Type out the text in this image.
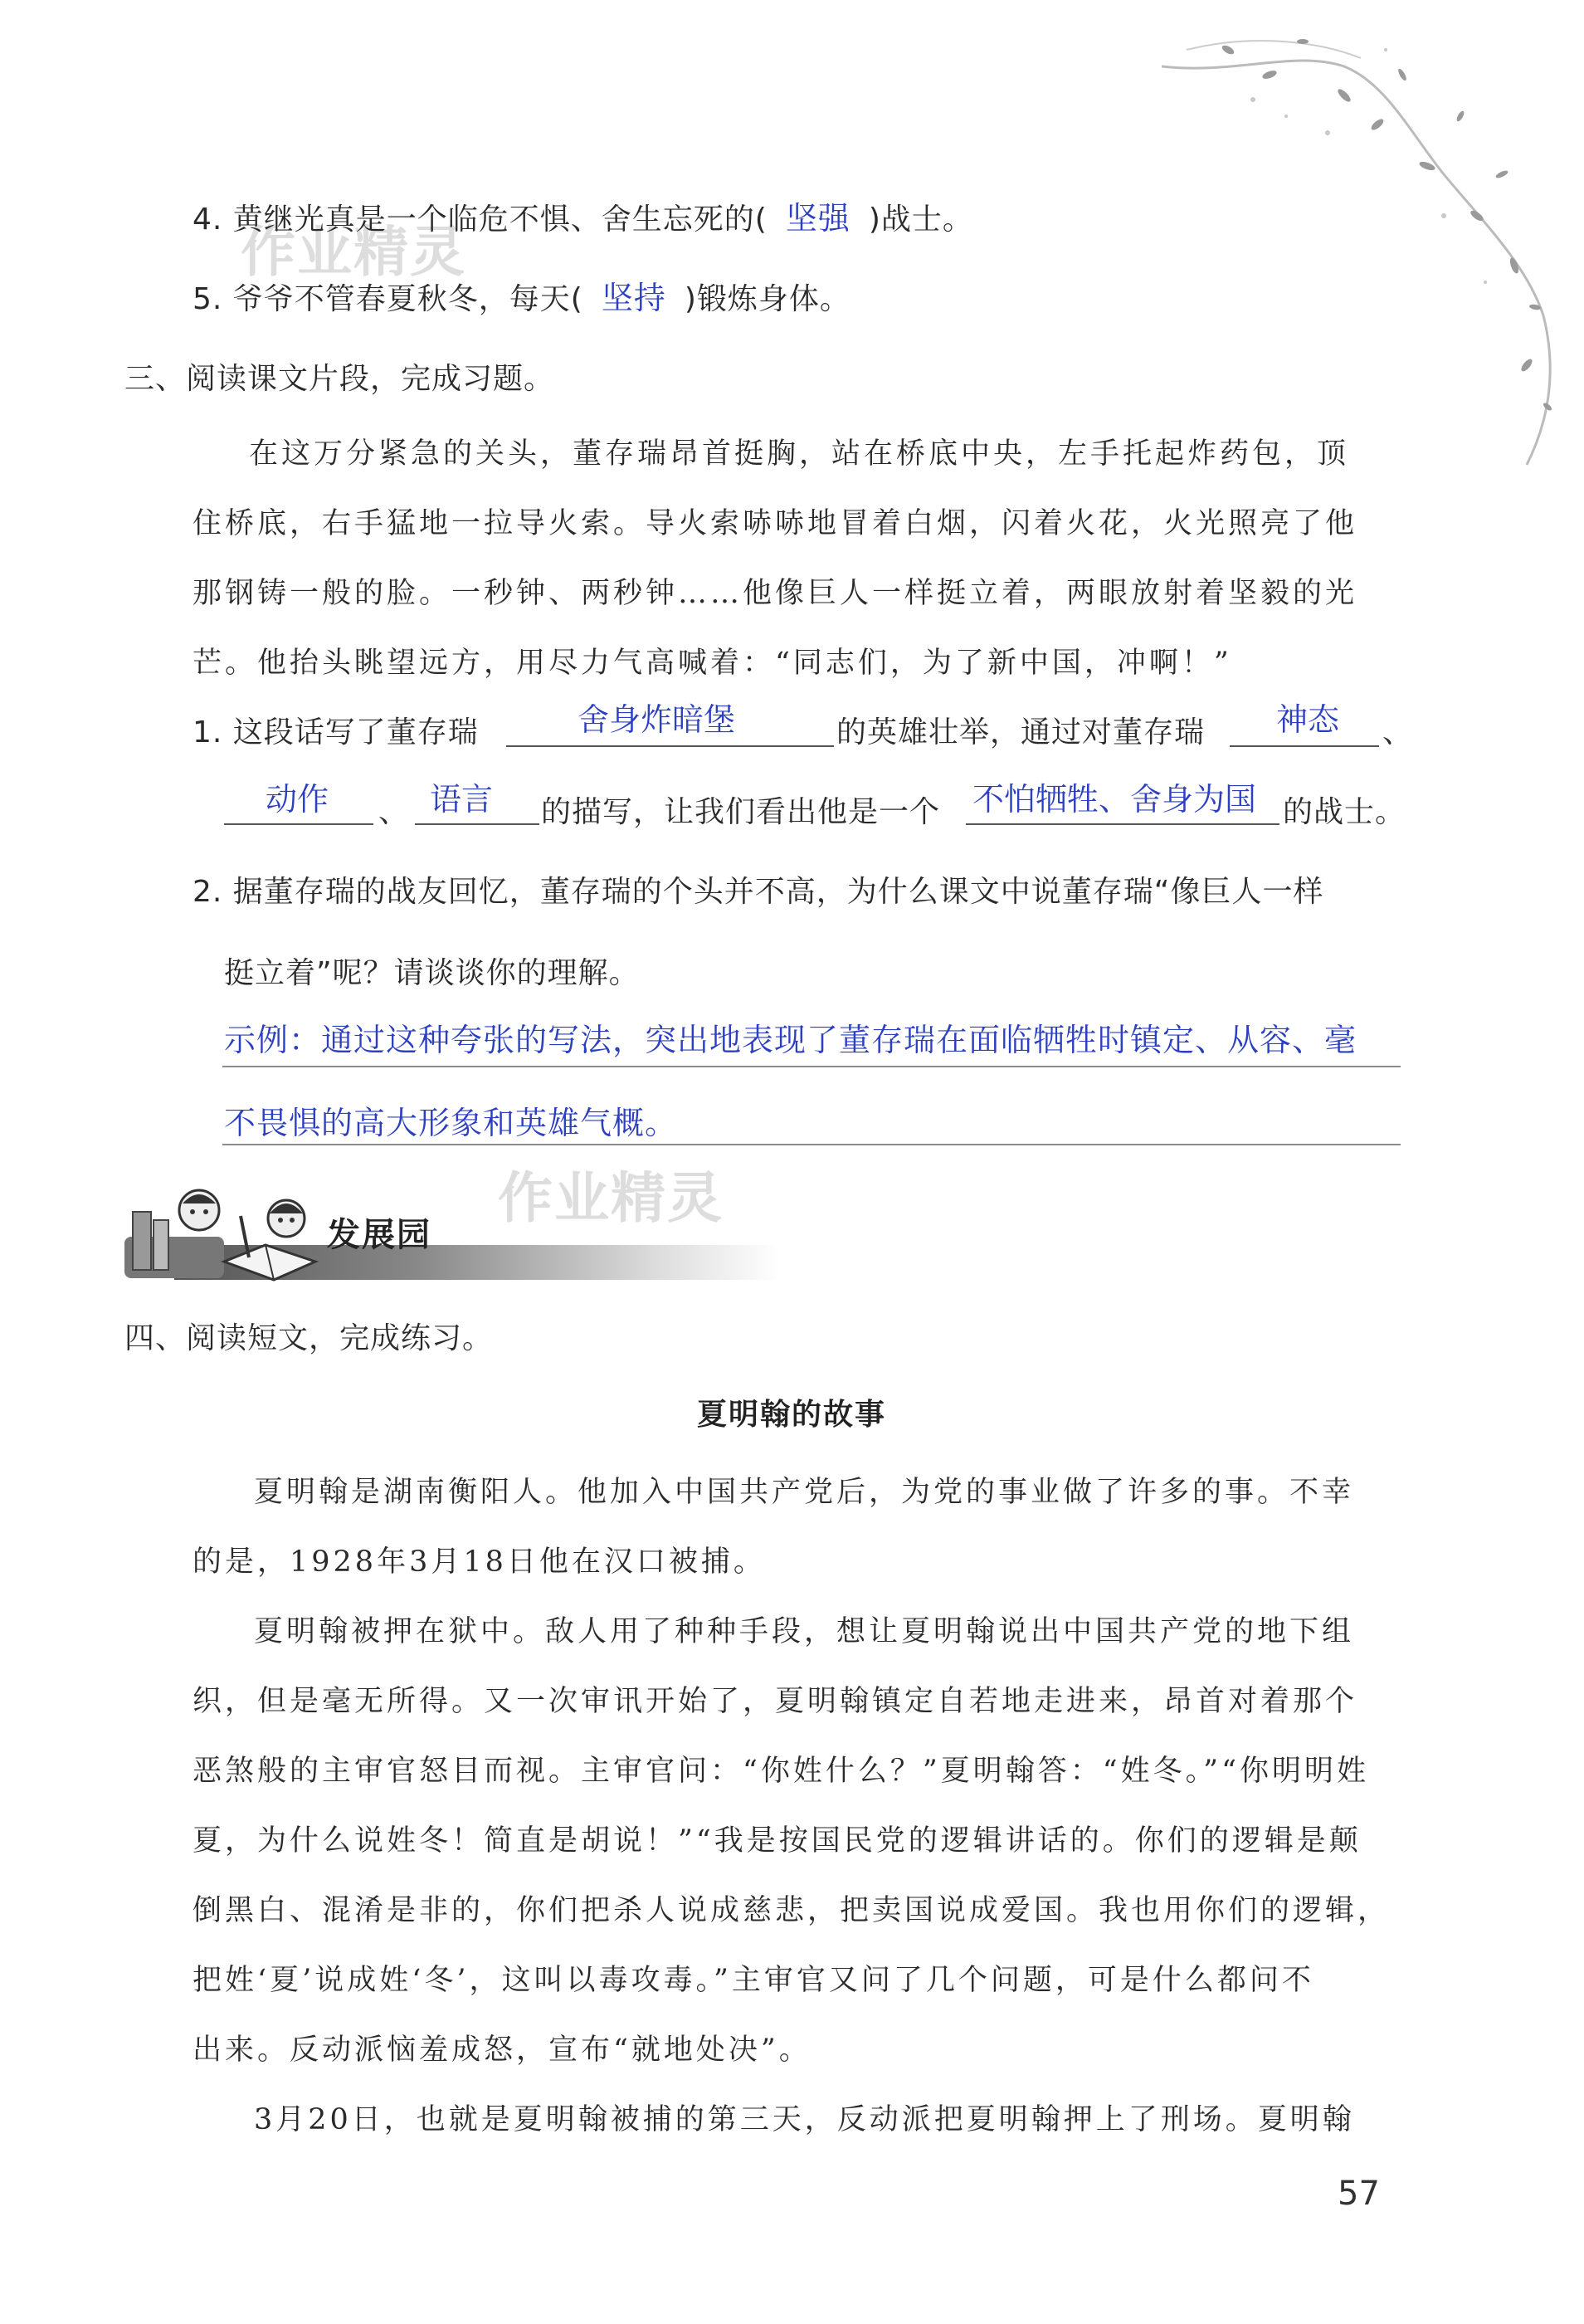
作业精灵
作业精灵
4. 黄继光真是一个临危不惧、舍生忘死的( 坚强 )战士。
5. 爷爷不管春夏秋冬，每天( 坚持 )锻炼身体。
三、阅读课文片段，完成习题。
在这万分紧急的关头，董存瑞昂首挺胸，站在桥底中央，左手托起炸药包，顶
住桥底，右手猛地一拉导火索。导火索哧哧地冒着白烟，闪着火花，火光照亮了他
那钢铸一般的脸。一秒钟、两秒钟……他像巨人一样挺立着，两眼放射着坚毅的光
芒。他抬头眺望远方，用尽力气高喊着：“同志们，为了新中国，冲啊！”
1. 这段话写了董存瑞	舍身炸暗堡	的英雄壮举，通过对董存瑞 神态 、
动作 、 语言 的描写，让我们看出他是一个 不怕牺牲、舍身为国 的战士。
2. 据董存瑞的战友回忆，董存瑞的个头并不高，为什么课文中说董存瑞“像巨人一样
挺立着”呢？请谈谈你的理解。
示例：通过这种夸张的写法，突出地表现了董存瑞在面临牺牲时镇定、从容、毫
不畏惧的高大形象和英雄气概。
发展园
四、阅读短文，完成练习。
夏明翰的故事
夏明翰是湖南衡阳人。他加入中国共产党后，为党的事业做了许多的事。不幸
的是，1928年3月18日他在汉口被捕。
夏明翰被押在狱中。敌人用了种种手段，想让夏明翰说出中国共产党的地下组
织，但是毫无所得。又一次审讯开始了，夏明翰镇定自若地走进来，昂首对着那个
恶煞般的主审官怒目而视。主审官问：“你姓什么？”夏明翰答：“姓冬。”“你明明姓
夏，为什么说姓冬！简直是胡说！”“我是按国民党的逻辑讲话的。你们的逻辑是颠
倒黑白、混淆是非的，你们把杀人说成慈悲，把卖国说成爱国。我也用你们的逻辑，
把姓‘夏’说成姓‘冬’，这叫以毒攻毒。”主审官又问了几个问题，可是什么都问不
出来。反动派恼羞成怒，宣布“就地处决”。
3月20日，也就是夏明翰被捕的第三天，反动派把夏明翰押上了刑场。夏明翰
57
